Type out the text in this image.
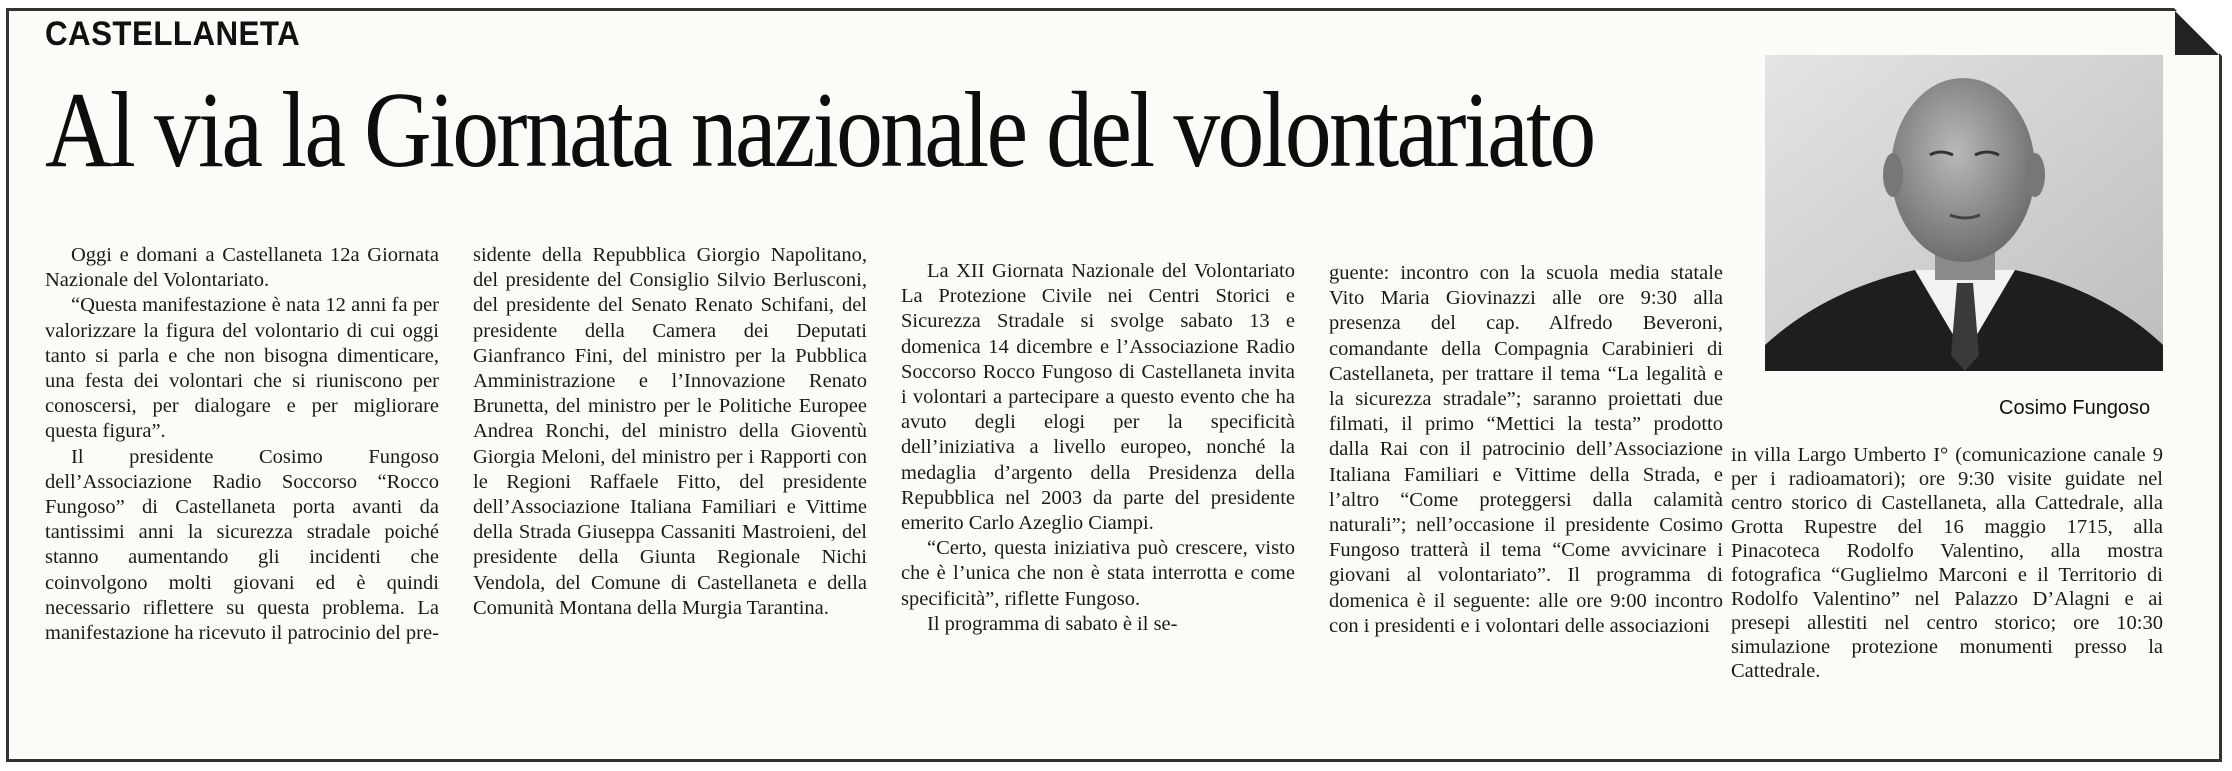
CASTELLANETA
Al via la Giornata nazionale del volontariato

Oggi e domani a Castellaneta 12a Giornata Nazionale del Volontariato.

“Questa manifestazione è nata 12 anni fa per valorizzare la figura del volontario di cui oggi tanto si parla e che non bisogna dimenticare, una festa dei volontari che si riuniscono per conoscersi, per dialogare e per migliorare questa figura”.

Il presidente Cosimo Fungoso dell’Associazione Radio Soccorso “Rocco Fungoso” di Castellaneta porta avanti da tantissimi anni la sicurezza stradale poiché stanno aumentando gli incidenti che coinvolgono molti giovani ed è quindi necessario riflettere su questa problema. La manifestazione ha ricevuto il patrocinio del pre-

sidente della Repubblica Giorgio Napolitano, del presidente del Consiglio Silvio Berlusconi, del presidente del Senato Renato Schifani, del presidente della Camera dei Deputati Gianfranco Fini, del ministro per la Pubblica Amministrazione e l’Innovazione Renato Brunetta, del ministro per le Politiche Europee Andrea Ronchi, del ministro della Gioventù Giorgia Meloni, del ministro per i Rapporti con le Regioni Raffaele Fitto, del presidente dell’Associazione Italiana Familiari e Vittime della Strada Giuseppa Cassaniti Mastroieni, del presidente della Giunta Regionale Nichi Vendola, del Comune di Castellaneta e della Comunità Montana della Murgia Tarantina.

La XII Giornata Nazionale del Volontariato La Protezione Civile nei Centri Storici e Sicurezza Stradale si svolge sabato 13 e domenica 14 dicembre e l’Associazione Radio Soccorso Rocco Fungoso di Castellaneta invita i volontari a partecipare a questo evento che ha avuto degli elogi per la specificità dell’iniziativa a livello europeo, nonché la medaglia d’argento della Presidenza della Repubblica nel 2003 da parte del presidente emerito Carlo Azeglio Ciampi.

“Certo, questa iniziativa può crescere, visto che è l’unica che non è stata interrotta e come specificità”, riflette Fungoso.

Il programma di sabato è il se-

guente: incontro con la scuola media statale Vito Maria Giovinazzi alle ore 9:30 alla presenza del cap. Alfredo Beveroni, comandante della Compagnia Carabinieri di Castellaneta, per trattare il tema “La legalità e la sicurezza stradale”; saranno proiettati due filmati, il primo “Mettici la testa” prodotto dalla Rai con il patrocinio dell’Associazione Italiana Familiari e Vittime della Strada, e l’altro “Come proteggersi dalla calamità naturali”; nell’occasione il presidente Cosimo Fungoso tratterà il tema “Come avvicinare i giovani al volontariato”. Il programma di domenica è il seguente: alle ore 9:00 incontro con i presidenti e i volontari delle associazioni

Cosimo Fungoso

in villa Largo Umberto I° (comunicazione canale 9 per i radioamatori); ore 9:30 visite guidate nel centro storico di Castellaneta, alla Cattedrale, alla Grotta Rupestre del 16 maggio 1715, alla Pinacoteca Rodolfo Valentino, alla mostra fotografica “Guglielmo Marconi e il Territorio di Rodolfo Valentino” nel Palazzo D’Alagni e ai presepi allestiti nel centro storico; ore 10:30 simulazione protezione monumenti presso la Cattedrale.
